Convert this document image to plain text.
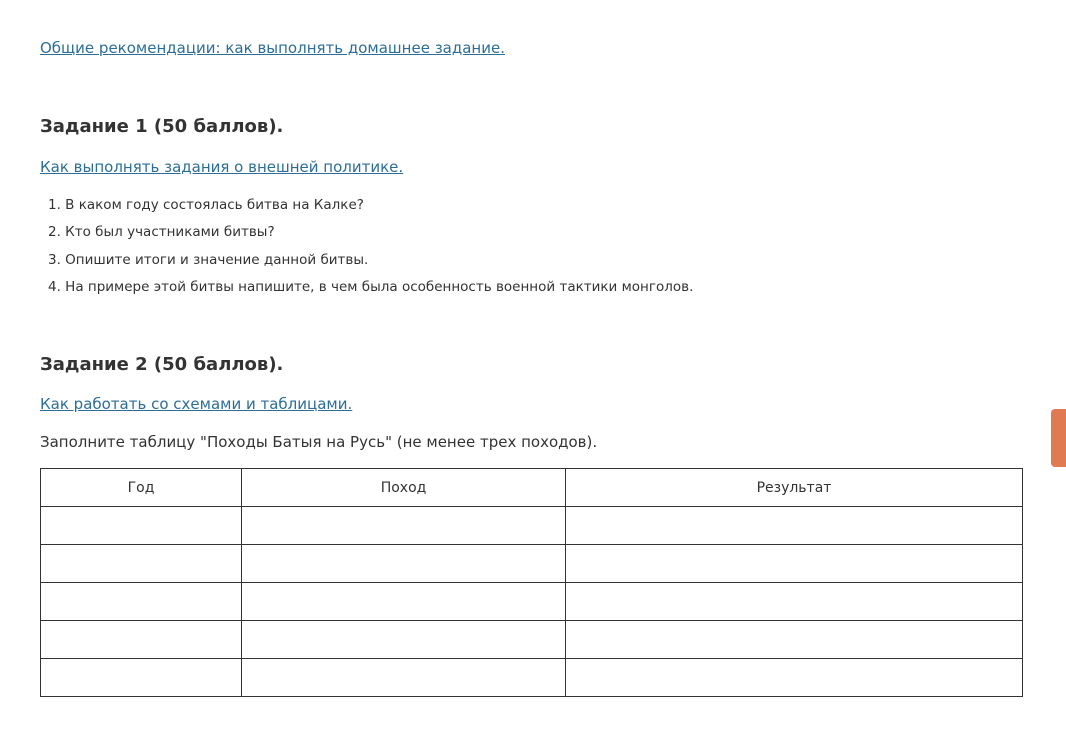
Общие рекомендации: как выполнять домашнее задание.
Задание 1 (50 баллов).
Как выполнять задания о внешней политике.
1. В каком году состоялась битва на Калке?
2. Кто был участниками битвы?
3. Опишите итоги и значение данной битвы.
4. На примере этой битвы напишите, в чем была особенность военной тактики монголов.
Задание 2 (50 баллов).
Как работать со схемами и таблицами.

Заполните таблицу "Походы Батыя на Русь" (не менее трех походов).

Год	Поход	Результат
